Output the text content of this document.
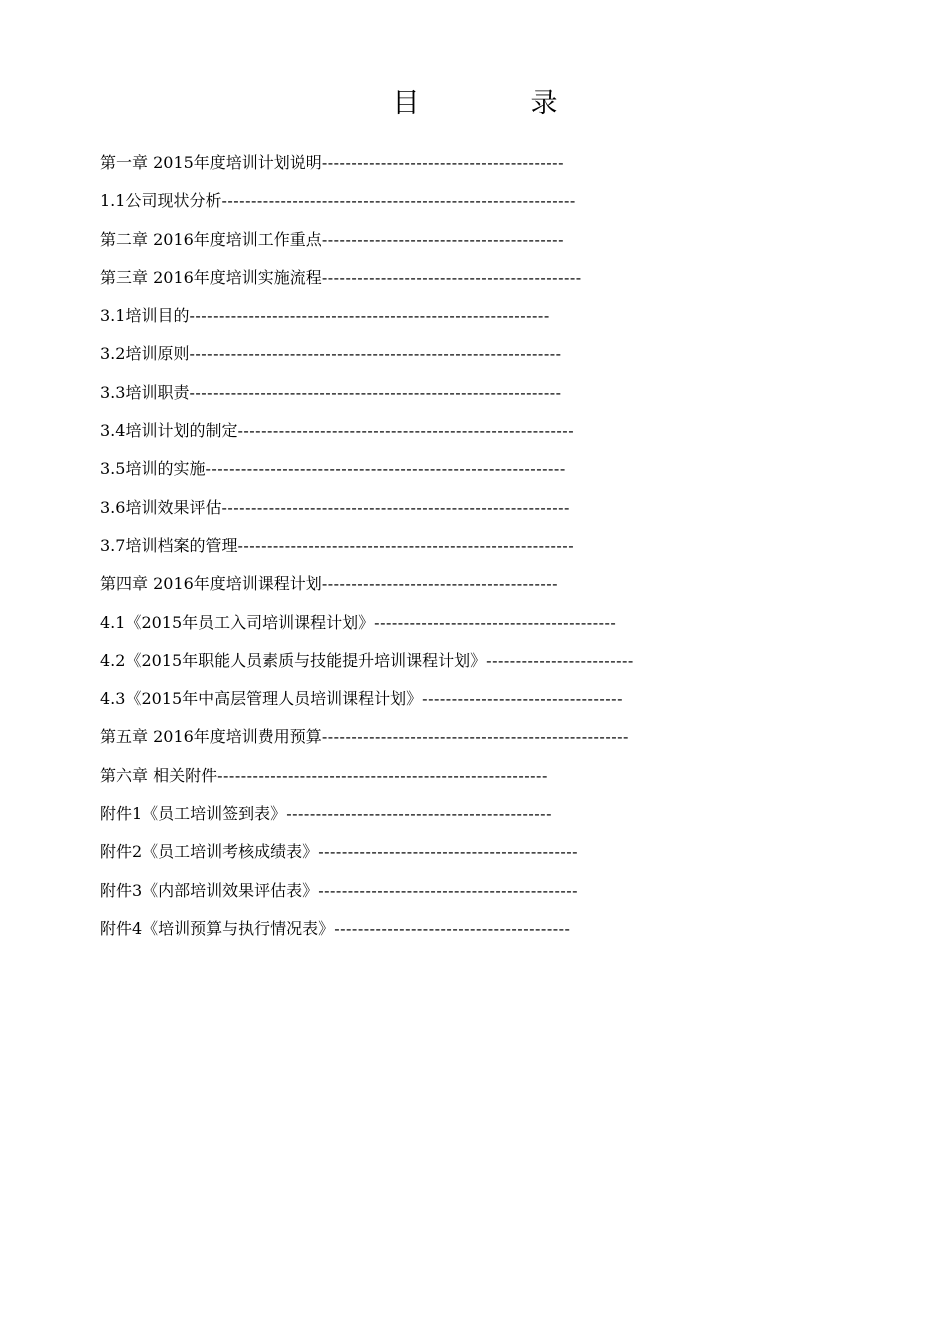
目　录
第一章 2015年度培训计划说明-----------------------------------------
1.1公司现状分析------------------------------------------------------------
第二章 2016年度培训工作重点-----------------------------------------
第三章 2016年度培训实施流程--------------------------------------------
3.1培训目的-------------------------------------------------------------
3.2培训原则---------------------------------------------------------------
3.3培训职责---------------------------------------------------------------
3.4培训计划的制定---------------------------------------------------------
3.5培训的实施-------------------------------------------------------------
3.6培训效果评估-----------------------------------------------------------
3.7培训档案的管理---------------------------------------------------------
第四章 2016年度培训课程计划----------------------------------------
4.1《2015年员工入司培训课程计划》-----------------------------------------
4.2《2015年职能人员素质与技能提升培训课程计划》-------------------------
4.3《2015年中高层管理人员培训课程计划》----------------------------------
第五章 2016年度培训费用预算----------------------------------------------------
第六章 相关附件--------------------------------------------------------
附件1《员工培训签到表》---------------------------------------------
附件2《员工培训考核成绩表》--------------------------------------------
附件3《内部培训效果评估表》--------------------------------------------
附件4《培训预算与执行情况表》----------------------------------------
